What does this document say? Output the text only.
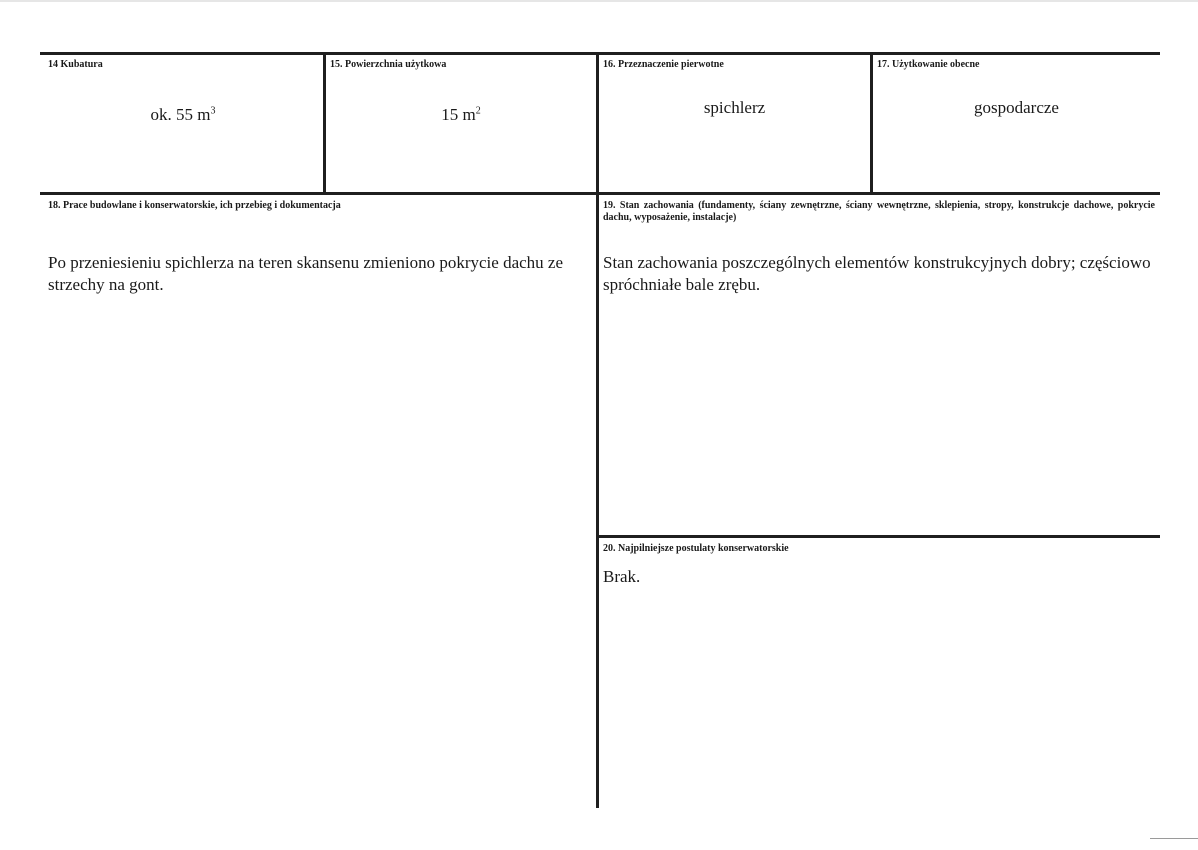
14 Kubatura
ok. 55 $m^3$
15. Powierzchnia użytkowa
15 $m^2$
16. Przeznaczenie pierwotne
spichlerz
17. Użytkowanie obecne
gospodarcze
18. Prace budowlane i konserwatorskie, ich przebieg i dokumentacja
Po przeniesieniu spichlerza na teren skansenu zmieniono pokrycie dachu ze strzechy na gont.
19. Stan zachowania (fundamenty, ściany zewnętrzne, ściany wewnętrzne, sklepienia, stropy, konstrukcje dachowe, pokrycie dachu, wyposażenie, instalacje)
Stan zachowania poszczególnych elementów konstrukcyjnych dobry; częściowo spróchniałe bale zrębu.
20. Najpilniejsze postulaty konserwatorskie
Brak.
